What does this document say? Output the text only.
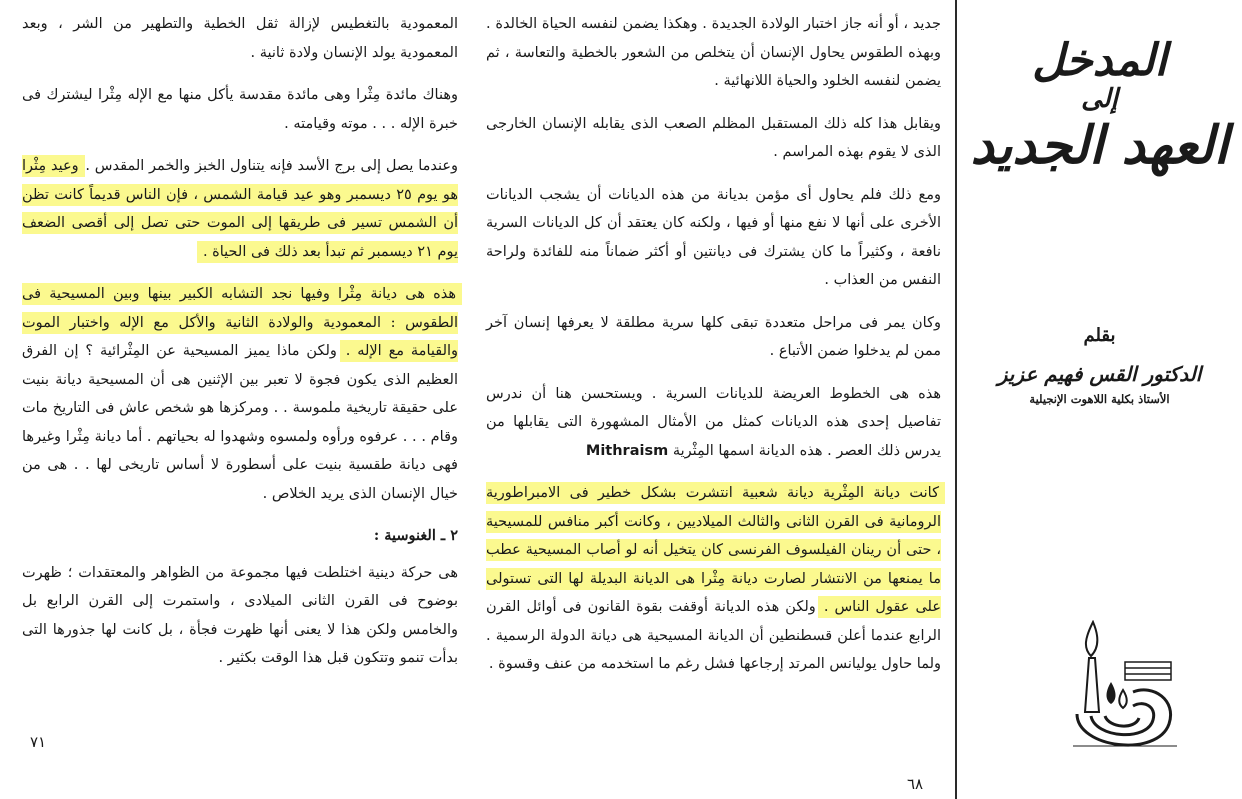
المعمودية بالتغطيس لإزالة ثقل الخطية والتطهير من الشر ، وبعد المعمودية يولد الإنسان ولادة ثانية .

وهناك مائدة مِثْرا وهى مائدة مقدسة يأكل منها مع الإله مِثْرا ليشترك فى خبرة الإله . . . موته وقيامته .

وعندما يصل إلى برج الأسد فإنه يتناول الخبز والخمر المقدس . وعيد مِثْرا هو يوم ٢٥ ديسمبر وهو عيد قيامة الشمس ، فإن الناس قديماً كانت تظن أن الشمس تسير فى طريقها إلى الموت حتى تصل إلى أقصى الضعف يوم ٢١ ديسمبر ثم تبدأ بعد ذلك فى الحياة .

هذه هى ديانة مِثْرا وفيها نجد التشابه الكبير بينها وبين المسيحية فى الطقوس : المعمودية والولادة الثانية والأكل مع الإله واختبار الموت والقيامة مع الإله . ولكن ماذا يميز المسيحية عن المِثْرائية ؟ إن الفرق العظيم الذى يكون فجوة لا تعبر بين الإثنين هى أن المسيحية ديانة بنيت على حقيقة تاريخية ملموسة . . ومركزها هو شخص عاش فى التاريخ مات وقام . . . عرفوه ورأوه ولمسوه وشهدوا له بحياتهم . أما ديانة مِثْرا وغيرها فهى ديانة طقسية بنيت على أسطورة لا أساس تاريخى لها . . هى من خيال الإنسان الذى يريد الخلاص .

٢ ـ الغنوسية :

هى حركة دينية اختلطت فيها مجموعة من الظواهر والمعتقدات ؛ ظهرت بوضوح فى القرن الثانى الميلادى ، واستمرت إلى القرن الرابع بل والخامس ولكن هذا لا يعنى أنها ظهرت فجأة ، بل كانت لها جذورها التى بدأت تنمو وتتكون قبل هذا الوقت بكثير .

٧١

جديد ، أو أنه جاز اختبار الولادة الجديدة . وهكذا يضمن لنفسه الحياة الخالدة . وبهذه الطقوس يحاول الإنسان أن يتخلص من الشعور بالخطية والتعاسة ، ثم يضمن لنفسه الخلود والحياة اللانهائية .

ويقابل هذا كله ذلك المستقبل المظلم الصعب الذى يقابله الإنسان الخارجى الذى لا يقوم بهذه المراسم .

ومع ذلك فلم يحاول أى مؤمن بديانة من هذه الديانات أن يشجب الديانات الأخرى على أنها لا نفع منها أو فيها ، ولكنه كان يعتقد أن كل الديانات السرية نافعة ، وكثيراً ما كان يشترك فى ديانتين أو أكثر ضماناً منه للفائدة ولراحة النفس من العذاب .

وكان يمر فى مراحل متعددة تبقى كلها سرية مطلقة لا يعرفها إنسان آخر ممن لم يدخلوا ضمن الأتباع .

هذه هى الخطوط العريضة للديانات السرية . ويستحسن هنا أن ندرس تفاصيل إحدى هذه الديانات كمثل من الأمثال المشهورة التى يقابلها من يدرس ذلك العصر . هذه الديانة اسمها المِثْرية Mithraism

كانت ديانة المِثْرية ديانة شعبية انتشرت بشكل خطير فى الامبراطورية الرومانية فى القرن الثانى والثالث الميلاديين ، وكانت أكبر منافس للمسيحية ، حتى أن رينان الفيلسوف الفرنسى كان يتخيل أنه لو أصاب المسيحية عطب ما يمنعها من الانتشار لصارت ديانة مِثْرا هى الديانة البديلة لها التى تستولى على عقول الناس . ولكن هذه الديانة أوقفت بقوة القانون فى أوائل القرن الرابع عندما أعلن قسطنطين أن الديانة المسيحية هى ديانة الدولة الرسمية . ولما حاول يوليانس المرتد إرجاعها فشل رغم ما استخدمه من عنف وقسوة .

٦٨
المدخل
إلى
العهد الجديد
بقلم
الدكتور القس فهيم عزيز
الأستاذ بكلية اللاهوت الإنجيلية
